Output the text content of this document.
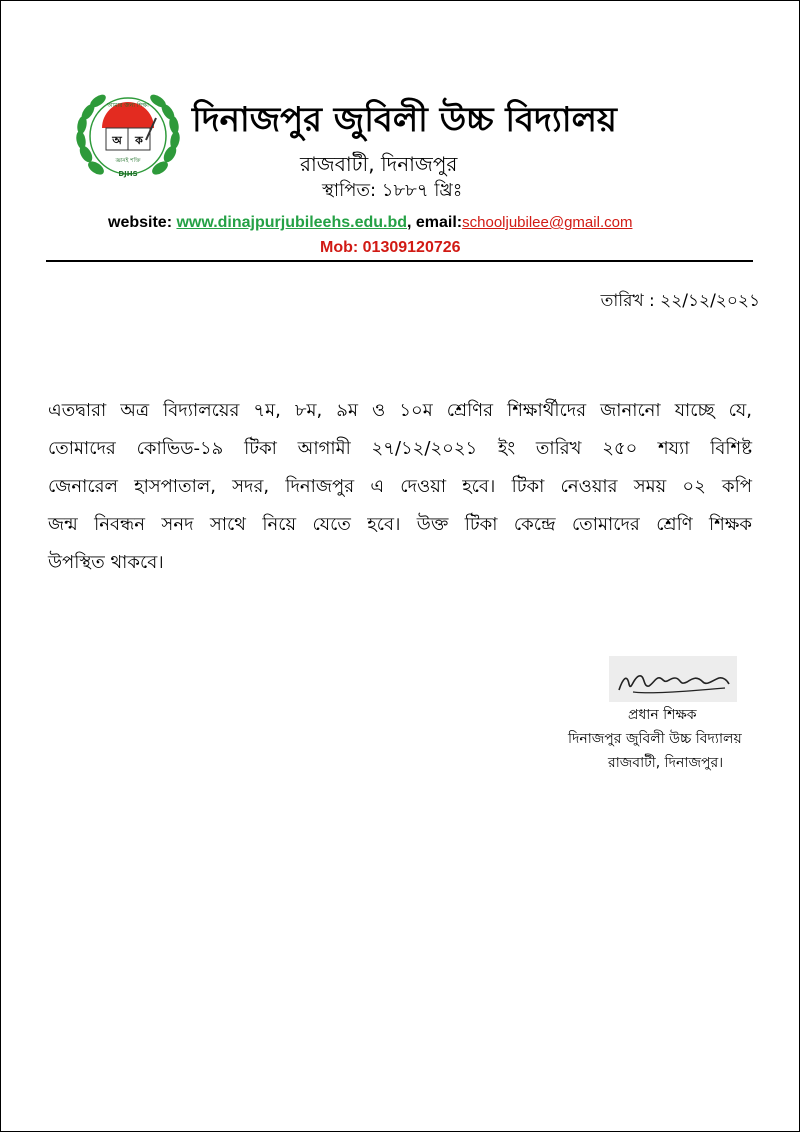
আমার জন্য শিক্ষা
অ ক
জ্ঞানই শক্তি
DJHS
দিনাজপুর জুবিলী উচ্চ বিদ্যালয়
রাজবাটী, দিনাজপুর
স্থাপিত: ১৮৮৭ খ্রিঃ
website: www.dinajpurjubileehs.edu.bd, email:schooljubilee@gmail.com
Mob: 01309120726
তারিখ : ২২/১২/২০২১
এতদ্বারা অত্র বিদ্যালয়ের ৭ম, ৮ম, ৯ম ও ১০ম শ্রেণির শিক্ষার্থীদের জানানো যাচ্ছে যে,
তোমাদের কোভিড-১৯ টিকা আগামী ২৭/১২/২০২১ ইং তারিখ ২৫০ শয্যা বিশিষ্ট
জেনারেল হাসপাতাল, সদর, দিনাজপুর এ দেওয়া হবে। টিকা নেওয়ার সময় ০২ কপি
জন্ম নিবন্ধন সনদ সাথে নিয়ে যেতে হবে। উক্ত টিকা কেন্দ্রে তোমাদের শ্রেণি শিক্ষক
উপস্থিত থাকবে।
প্রধান শিক্ষক
দিনাজপুর জুবিলী উচ্চ বিদ্যালয়
রাজবাটী, দিনাজপুর।
